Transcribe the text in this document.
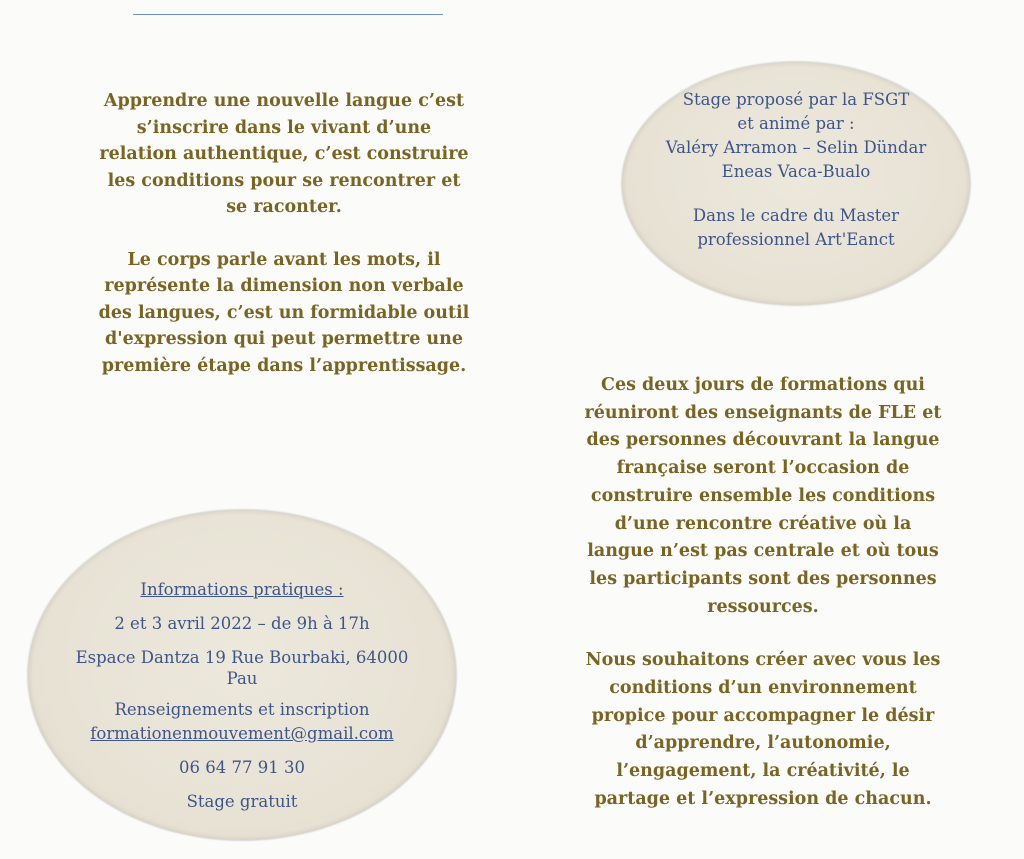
Apprendre une nouvelle langue c’est

s’inscrire dans le vivant d’une

relation authentique, c’est construire

les conditions pour se rencontrer et

se raconter.

Le corps parle avant les mots, il

représente la dimension non verbale

des langues, c’est un formidable outil

d'expression qui peut permettre une

première étape dans l’apprentissage.

Stage proposé par la FSGT
et animé par :
Valéry Arramon – Selin Dündar
Eneas Vaca-Bualo
Dans le cadre du Master
professionnel Art'Eanct

Ces deux jours de formations qui

réuniront des enseignants de FLE et

des personnes découvrant la langue

française seront l’occasion de

construire ensemble les conditions

d’une rencontre créative où la

langue n’est pas centrale et où tous

les participants sont des personnes

ressources.

Nous souhaitons créer avec vous les

conditions d’un environnement

propice pour accompagner le désir

d’apprendre, l’autonomie,

l’engagement, la créativité, le

partage et l’expression de chacun.

Informations pratiques :
2 et 3 avril 2022 – de 9h à 17h
Espace Dantza 19 Rue Bourbaki, 64000
Pau
Renseignements et inscription
formationenmouvement@gmail.com
06 64 77 91 30
Stage gratuit
